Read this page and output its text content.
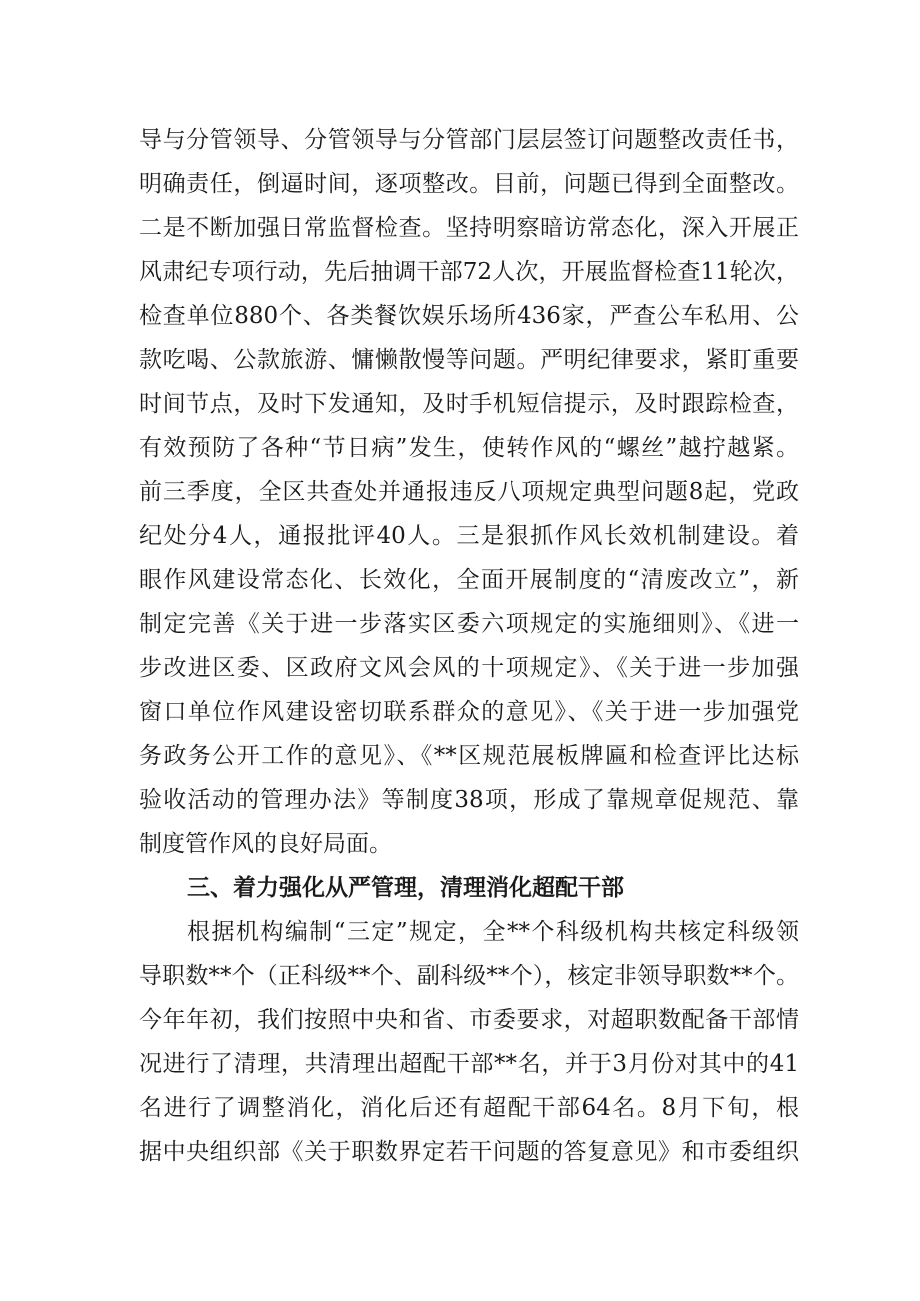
导与分管领导、分管领导与分管部门层层签订问题整改责任书，
明确责任，倒逼时间，逐项整改。目前，问题已得到全面整改。
二是不断加强日常监督检查。坚持明察暗访常态化，深入开展正
风肃纪专项行动，先后抽调干部72人次，开展监督检查11轮次，
检查单位880个、各类餐饮娱乐场所436家，严查公车私用、公
款吃喝、公款旅游、慵懒散慢等问题。严明纪律要求，紧盯重要
时间节点，及时下发通知，及时手机短信提示，及时跟踪检查，
有效预防了各种“节日病”发生，使转作风的“螺丝”越拧越紧。
前三季度，全区共查处并通报违反八项规定典型问题8起，党政
纪处分4人，通报批评40人。三是狠抓作风长效机制建设。着
眼作风建设常态化、长效化，全面开展制度的“清废改立”，新
制定完善《关于进一步落实区委六项规定的实施细则》、《进一
步改进区委、区政府文风会风的十项规定》、《关于进一步加强
窗口单位作风建设密切联系群众的意见》、《关于进一步加强党
务政务公开工作的意见》、《**区规范展板牌匾和检查评比达标
验收活动的管理办法》等制度38项，形成了靠规章促规范、靠
制度管作风的良好局面。
三、着力强化从严管理，清理消化超配干部
根据机构编制“三定”规定，全**个科级机构共核定科级领
导职数**个（正科级**个、副科级**个），核定非领导职数**个。
今年年初，我们按照中央和省、市委要求，对超职数配备干部情
况进行了清理，共清理出超配干部**名，并于3月份对其中的41
名进行了调整消化，消化后还有超配干部64名。8月下旬，根
据中央组织部《关于职数界定若干问题的答复意见》和市委组织
